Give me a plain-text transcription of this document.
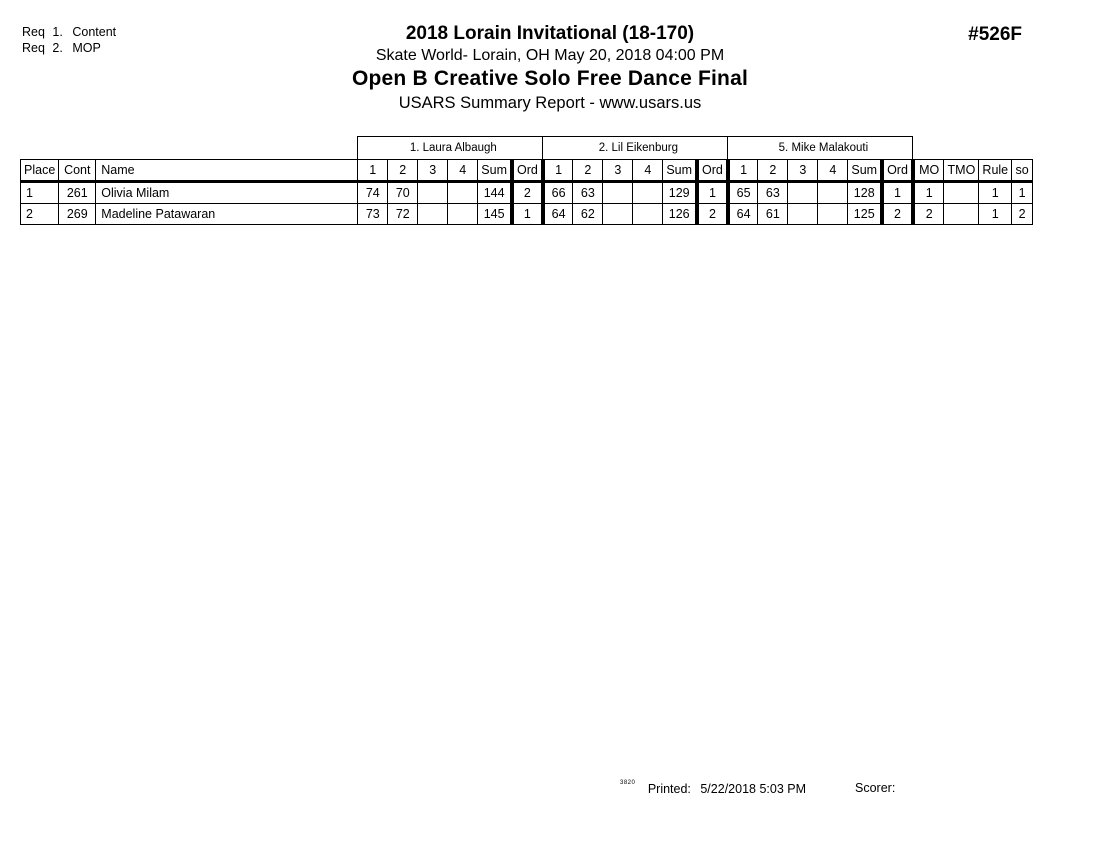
Req 1. Content
Req 2. MOP
2018 Lorain Invitational (18-170)
Skate World- Lorain, OH May 20, 2018 04:00 PM
Open B Creative Solo Free Dance Final
USARS Summary Report - www.usars.us
#526F
			1. Laura Albaugh						2. Lil Eikenburg						5. Mike Malakouti									
Place	Cont	Name	1	2	3	4	Sum	Ord	1	2	3	4	Sum	Ord	1	2	3	4	Sum	Ord	MO	TMO	Rule	so
1	261	Olivia Milam	74	70			144	2	66	63			129	1	65	63			128	1	1		1	1
2	269	Madeline Patawaran	73	72			145	1	64	62			126	2	64	61			125	2	2		1	2
$^{3820}$ Printed: 5/22/2018 5:03 PM	Scorer:
